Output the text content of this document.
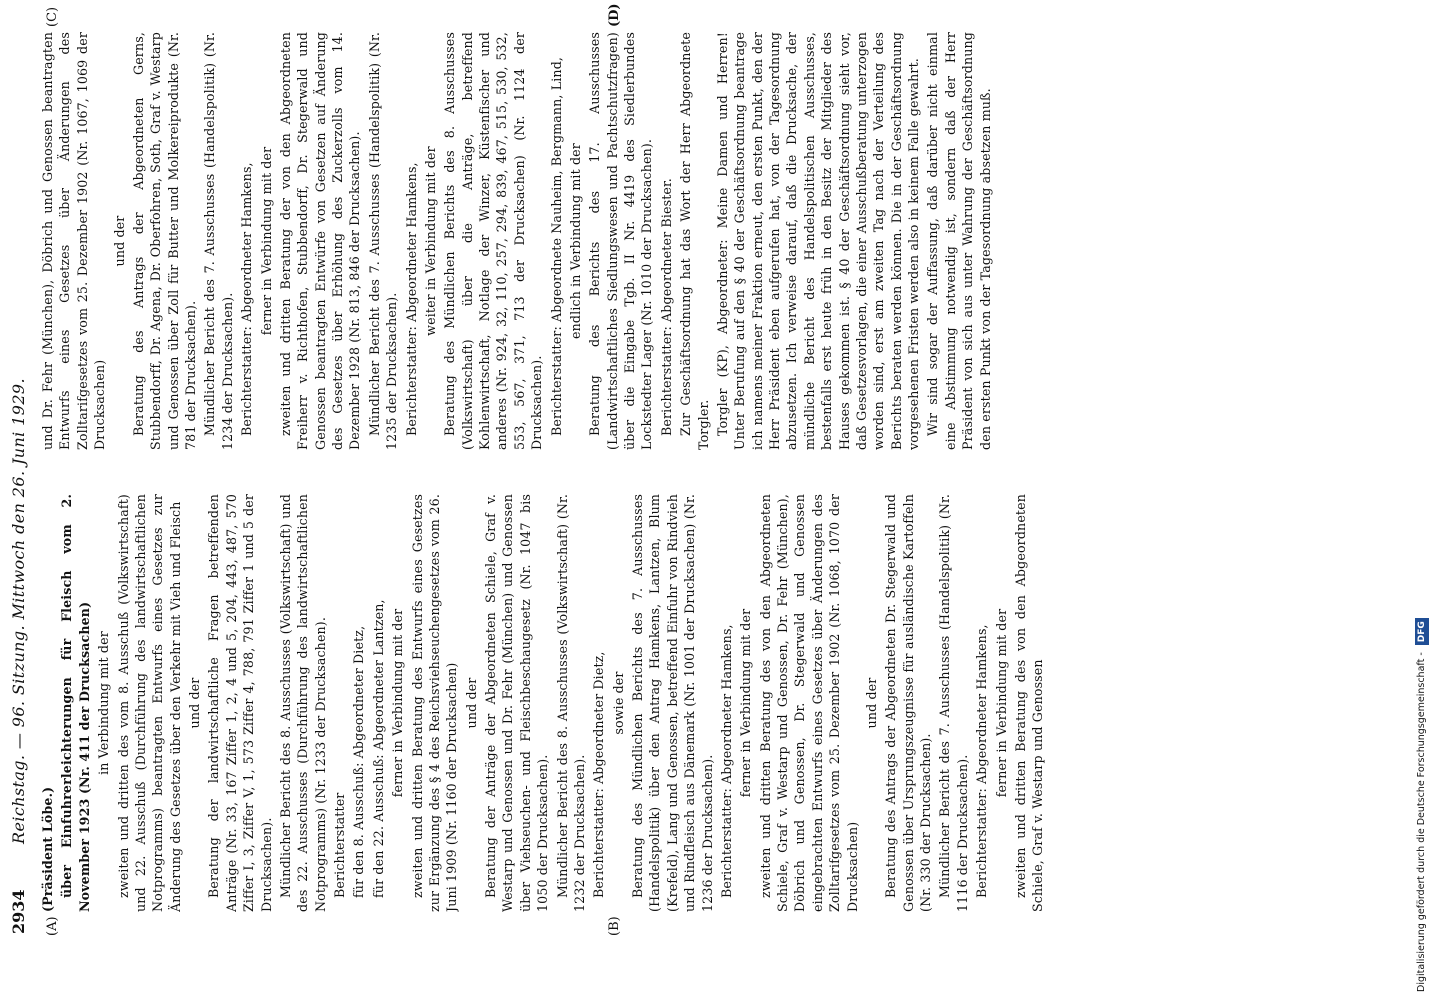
2934
Reichstag. — 96. Sitzung. Mittwoch den 26. Juni 1929.
(A)	(B)
(C)	(D)

(Präsident Löbe.) über Einfuhrerleichterungen für Fleisch vom 2. November 1923 (Nr. 411 der Drucksachen) in Verbindung mit der zweiten und dritten des vom 8. Ausschuß (Volkswirtschaft) und 22. Ausschuß (Durchführung des landwirtschaftlichen Notprogramms) beantragten Entwurfs eines Gesetzes zur Änderung des Gesetzes über den Verkehr mit Vieh und Fleisch und der Beratung der landwirtschaftliche Fragen betreffenden Anträge (Nr. 33, 167 Ziffer 1, 2, 4 und 5, 204, 443, 487, 570 Ziffer I, 3, Ziffer V, 1, 573 Ziffer 4, 788, 791 Ziffer 1 und 5 der Drucksachen). Mündlicher Bericht des 8. Ausschusses (Volkswirtschaft) und des 22. Ausschusses (Durchführung des landwirtschaftlichen Notprogramms) (Nr. 1233 der Drucksachen). Berichterstatter für den 8. Ausschuß: Abgeordneter Dietz, für den 22. Ausschuß: Abgeordneter Lantzen, ferner in Verbindung mit der zweiten und dritten Beratung des Entwurfs eines Gesetzes zur Ergänzung des § 4 des Reichsviehseuchengesetzes vom 26. Juni 1909 (Nr. 1160 der Drucksachen) und der Beratung der Anträge der Abgeordneten Schiele, Graf v. Westarp und Genossen und Dr. Fehr (München) und Genossen über Viehseuchen- und Fleischbeschaugesetz (Nr. 1047 bis 1050 der Drucksachen). Mündlicher Bericht des 8. Ausschusses (Volkswirtschaft) (Nr. 1232 der Drucksachen). Berichterstatter: Abgeordneter Dietz, sowie der Beratung des Mündlichen Berichts des 7. Ausschusses (Handelspolitik) über den Antrag Hamkens, Lantzen, Blum (Krefeld), Lang und Genossen, betreffend Einfuhr von Rindvieh und Rindfleisch aus Dänemark (Nr. 1001 der Drucksachen) (Nr. 1236 der Drucksachen). Berichterstatter: Abgeordneter Hamkens, ferner in Verbindung mit der zweiten und dritten Beratung des von den Abgeordneten Schiele, Graf v. Westarp und Genossen, Dr. Fehr (München), Döbrich und Genossen, Dr. Stegerwald und Genossen eingebrachten Entwurfs eines Gesetzes über Änderungen des Zolltarifgesetzes vom 25. Dezember 1902 (Nr. 1068, 1070 der Drucksachen)

und der Beratung des Antrags der Abgeordneten Dr. Stegerwald und Genossen über Ursprungszeugnisse für ausländische Kartoffeln (Nr. 330 der Drucksachen). Mündlicher Bericht des 7. Ausschusses (Handelspolitik) (Nr. 1116 der Drucksachen). Berichterstatter: Abgeordneter Hamkens, ferner in Verbindung mit der zweiten und dritten Beratung des von den Abgeordneten Schiele, Graf v. Westarp und Genossen

und Dr. Fehr (München), Döbrich und Genossen beantragten Entwurfs eines Gesetzes über Änderungen des Zolltarifgesetzes vom 25. Dezember 1902 (Nr. 1067, 1069 der Drucksachen)

und der Beratung des Antrags der Abgeordneten Gerns, Stubbendorff, Dr. Agena, Dr. Oberfohren, Soth, Graf v. Westarp und Genossen über Zoll für Butter und Molkereiprodukte (Nr. 781 der Drucksachen). Mündlicher Bericht des 7. Ausschusses (Handelspolitik) (Nr. 1234 der Drucksachen). Berichterstatter: Abgeordneter Hamkens, ferner in Verbindung mit der zweiten und dritten Beratung der von den Abgeordneten Freiherr v. Richthofen, Stubbendorff, Dr. Stegerwald und Genossen beantragten Entwürfe von Gesetzen auf Änderung des Gesetzes über Erhöhung des Zuckerzolls vom 14. Dezember 1928 (Nr. 813, 846 der Drucksachen). Mündlicher Bericht des 7. Ausschusses (Handelspolitik) (Nr. 1235 der Drucksachen). Berichterstatter: Abgeordneter Hamkens, weiter in Verbindung mit der Beratung des Mündlichen Berichts des 8. Ausschusses (Volkswirtschaft) über die Anträge, betreffend Kohlenwirtschaft, Notlage der Winzer, Küstenfischer und anderes (Nr. 924, 32, 110, 257, 294, 839, 467, 515, 530, 532, 553, 567, 371, 713 der Drucksachen) (Nr. 1124 der Drucksachen). Berichterstatter: Abgeordnete Nauheim, Bergmann, Lind, endlich in Verbindung mit der Beratung des Berichts des 17. Ausschusses (Landwirtschaftliches Siedlungswesen und Pachtschutzfragen) über die Eingabe Tgb. II Nr. 4419 des Siedlerbundes Lockstedter Lager (Nr. 1010 der Drucksachen). Berichterstatter: Abgeordneter Biester. Zur Geschäftsordnung hat das Wort der Herr Abgeordnete Torgler. Torgler (KP), Abgeordneter: Meine Damen und Herren! Unter Berufung auf den § 40 der Geschäftsordnung beantrage ich namens meiner Fraktion erneut, den ersten Punkt, den der Herr Präsident eben aufgerufen hat, von der Tagesordnung abzusetzen. Ich verweise darauf, daß die Drucksache, der mündliche Bericht des Handelspolitischen Ausschusses, bestenfalls erst heute früh in den Besitz der Mitglieder des Hauses gekommen ist. § 40 der Geschäftsordnung sieht vor, daß Gesetzesvorlagen, die einer Ausschußberatung unterzogen worden sind, erst am zweiten Tag nach der Verteilung des Berichts beraten werden können. Die in der Geschäftsordnung vorgesehenen Fristen werden also in keinem Falle gewahrt. Wir sind sogar der Auffassung, daß darüber nicht einmal eine Abstimmung notwendig ist, sondern daß der Herr Präsident von sich aus unter Wahrung der Geschäftsordnung den ersten Punkt von der Tagesordnung absetzen muß.

Digitalisierung gefördert durch die Deutsche Forschungsgemeinschaft - DFG
